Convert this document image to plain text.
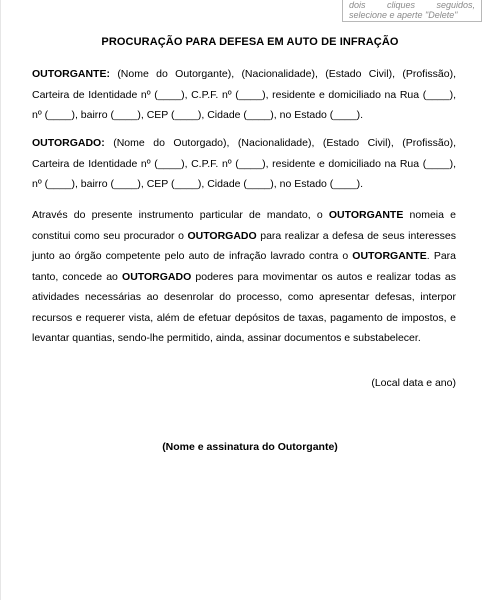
dois cliques seguidos,
selecione e aperte "Delete"
PROCURAÇÃO PARA DEFESA EM AUTO DE INFRAÇÃO
OUTORGANTE: (Nome do Outorgante), (Nacionalidade), (Estado Civil), (Profissão), Carteira de Identidade nº (____), C.P.F. nº (____), residente e domiciliado na Rua (____), nº (____), bairro (____), CEP (____), Cidade (____), no Estado (____).
OUTORGADO: (Nome do Outorgado), (Nacionalidade), (Estado Civil), (Profissão), Carteira de Identidade nº (____), C.P.F. nº (____), residente e domiciliado na Rua (____), nº (____), bairro (____), CEP (____), Cidade (____), no Estado (____).
Através do presente instrumento particular de mandato, o OUTORGANTE nomeia e constitui como seu procurador o OUTORGADO para realizar a defesa de seus interesses junto ao órgão competente pelo auto de infração lavrado contra o OUTORGANTE. Para tanto, concede ao OUTORGADO poderes para movimentar os autos e realizar todas as atividades necessárias ao desenrolar do processo, como apresentar defesas, interpor recursos e requerer vista, além de efetuar depósitos de taxas, pagamento de impostos, e levantar quantias, sendo-lhe permitido, ainda, assinar documentos e substabelecer.
(Local data e ano)
(Nome e assinatura do Outorgante)
